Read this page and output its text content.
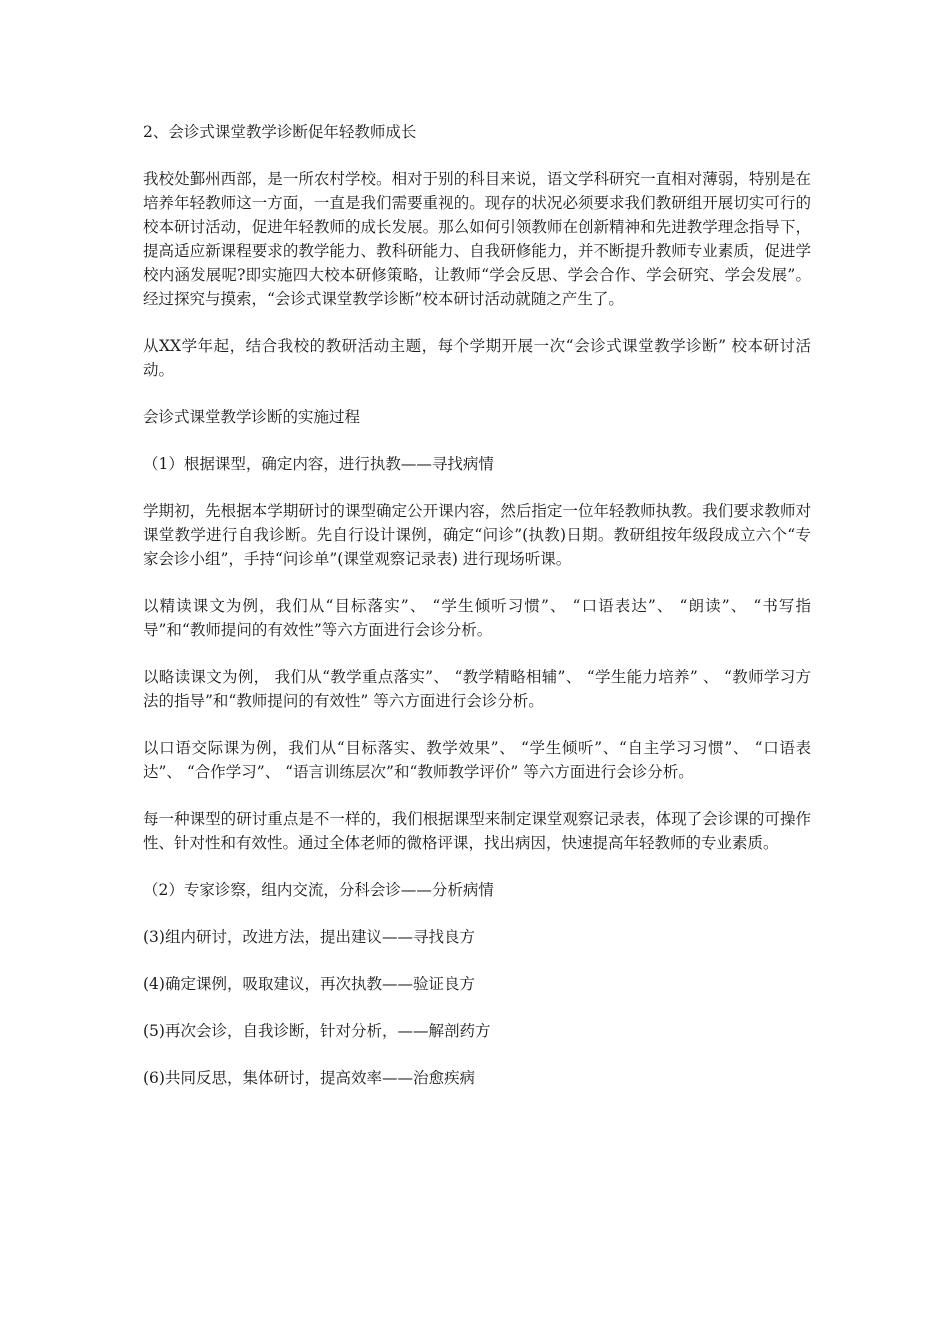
2、会诊式课堂教学诊断促年轻教师成长

我校处鄞州西部，是一所农村学校。相对于别的科目来说，语文学科研究一直相对薄弱，特别是在培养年轻教师这一方面，一直是我们需要重视的。现存的状况必须要求我们教研组开展切实可行的校本研讨活动，促进年轻教师的成长发展。那么如何引领教师在创新精神和先进教学理念指导下，提高适应新课程要求的教学能力、教科研能力、自我研修能力，并不断提升教师专业素质，促进学校内涵发展呢?即实施四大校本研修策略，让教师“学会反思、学会合作、学会研究、学会发展”。经过探究与摸索，“会诊式课堂教学诊断”校本研讨活动就随之产生了。

从XX学年起，结合我校的教研活动主题，每个学期开展一次“会诊式课堂教学诊断” 校本研讨活动。

会诊式课堂教学诊断的实施过程

（1）根据课型，确定内容，进行执教——寻找病情

学期初，先根据本学期研讨的课型确定公开课内容，然后指定一位年轻教师执教。我们要求教师对课堂教学进行自我诊断。先自行设计课例，确定“问诊”(执教)日期。教研组按年级段成立六个“专家会诊小组”，手持“问诊单”(课堂观察记录表) 进行现场听课。

以精读课文为例，我们从“目标落实”、 “学生倾听习惯”、 “口语表达”、 “朗读”、 “书写指导”和“教师提问的有效性”等六方面进行会诊分析。

以略读课文为例， 我们从“教学重点落实”、 “教学精略相辅”、 “学生能力培养” 、 “教师学习方法的指导”和“教师提问的有效性” 等六方面进行会诊分析。

以口语交际课为例，我们从“目标落实、教学效果”、 “学生倾听”、“自主学习习惯”、 “口语表达”、 “合作学习”、 “语言训练层次”和“教师教学评价” 等六方面进行会诊分析。

每一种课型的研讨重点是不一样的，我们根据课型来制定课堂观察记录表，体现了会诊课的可操作性、针对性和有效性。通过全体老师的微格评课，找出病因，快速提高年轻教师的专业素质。

（2）专家诊察，组内交流，分科会诊——分析病情

(3)组内研讨，改进方法，提出建议——寻找良方

(4)确定课例，吸取建议，再次执教——验证良方

(5)再次会诊，自我诊断，针对分析，——解剖药方

(6)共同反思，集体研讨，提高效率——治愈疾病
